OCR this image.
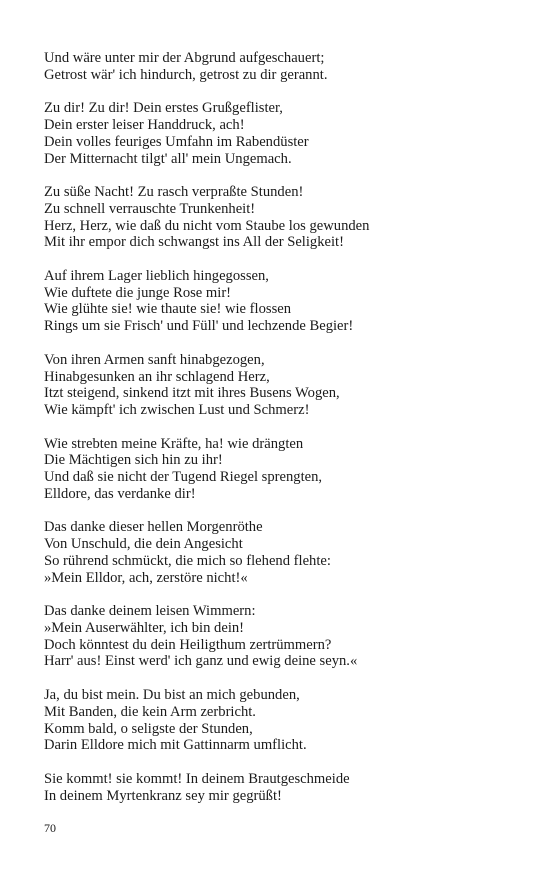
Und wäre unter mir der Abgrund aufgeschauert;
Getrost wär' ich hindurch, getrost zu dir gerannt.
Zu dir! Zu dir! Dein erstes Grußgeflister,
Dein erster leiser Handdruck, ach!
Dein volles feuriges Umfahn im Rabendüster
Der Mitternacht tilgt' all' mein Ungemach.
Zu süße Nacht! Zu rasch verpraßte Stunden!
Zu schnell verrauschte Trunkenheit!
Herz, Herz, wie daß du nicht vom Staube los gewunden
Mit ihr empor dich schwangst ins All der Seligkeit!
Auf ihrem Lager lieblich hingegossen,
Wie duftete die junge Rose mir!
Wie glühte sie! wie thaute sie! wie flossen
Rings um sie Frisch' und Füll' und lechzende Begier!
Von ihren Armen sanft hinabgezogen,
Hinabgesunken an ihr schlagend Herz,
Itzt steigend, sinkend itzt mit ihres Busens Wogen,
Wie kämpft' ich zwischen Lust und Schmerz!
Wie strebten meine Kräfte, ha! wie drängten
Die Mächtigen sich hin zu ihr!
Und daß sie nicht der Tugend Riegel sprengten,
Elldore, das verdanke dir!
Das danke dieser hellen Morgenröthe
Von Unschuld, die dein Angesicht
So rührend schmückt, die mich so flehend flehte:
»Mein Elldor, ach, zerstöre nicht!«
Das danke deinem leisen Wimmern:
»Mein Auserwählter, ich bin dein!
Doch könntest du dein Heiligthum zertrümmern?
Harr' aus! Einst werd' ich ganz und ewig deine seyn.«
Ja, du bist mein. Du bist an mich gebunden,
Mit Banden, die kein Arm zerbricht.
Komm bald, o seligste der Stunden,
Darin Elldore mich mit Gattinnarm umflicht.
Sie kommt! sie kommt! In deinem Brautgeschmeide
In deinem Myrtenkranz sey mir gegrüßt!
70
